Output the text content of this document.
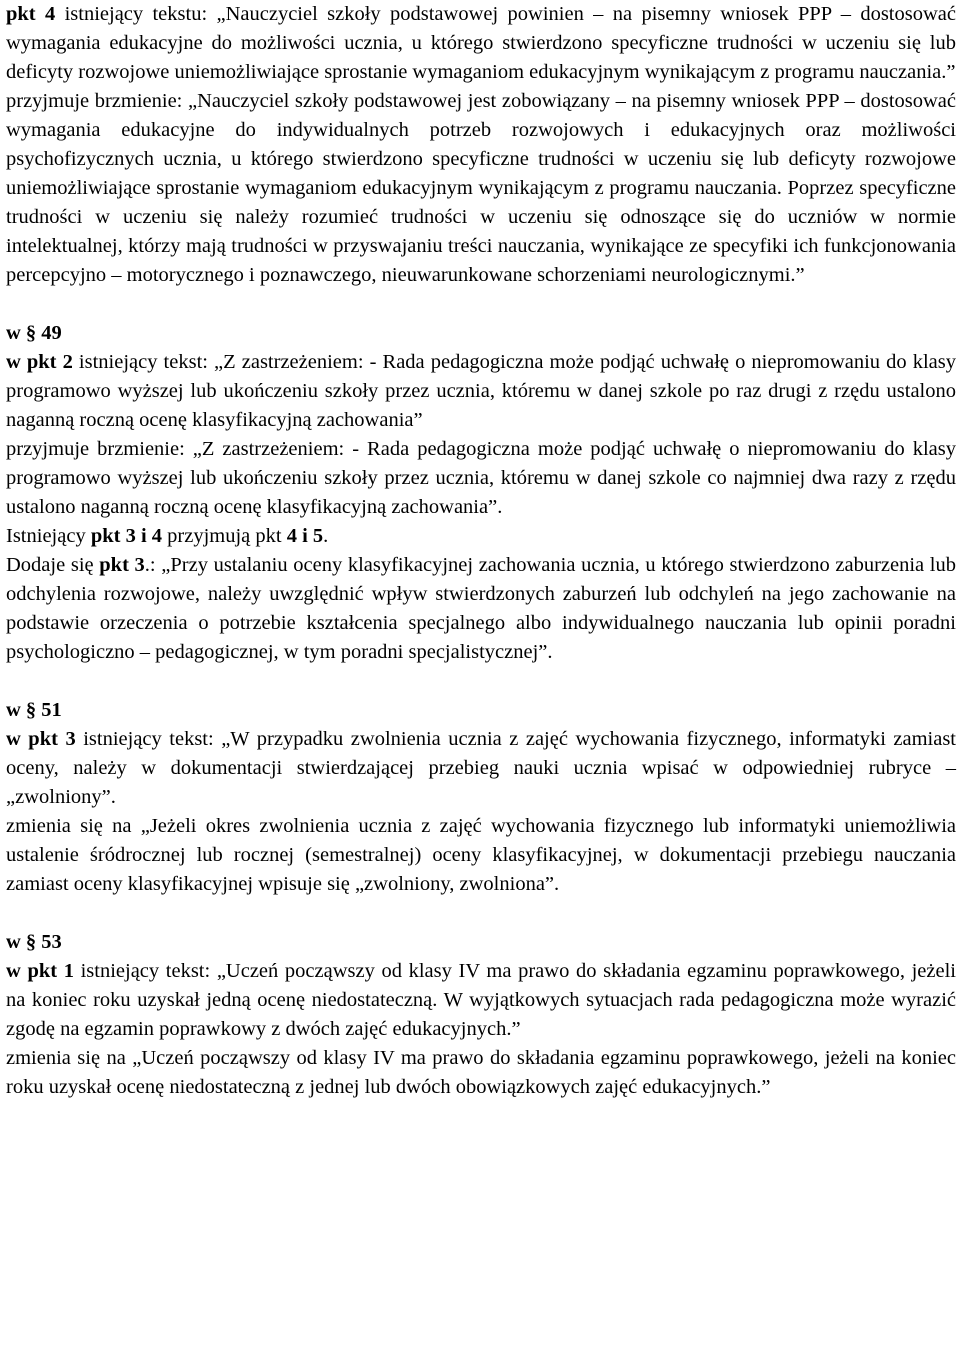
pkt 4 istniejący tekstu: „Nauczyciel szkoły podstawowej powinien – na pisemny wniosek PPP – dostosować wymagania edukacyjne do możliwości ucznia, u którego stwierdzono specyficzne trudności w uczeniu się lub deficyty rozwojowe uniemożliwiające sprostanie wymaganiom edukacyjnym wynikającym z programu nauczania.”

przyjmuje brzmienie: „Nauczyciel szkoły podstawowej jest zobowiązany – na pisemny wniosek PPP – dostosować wymagania edukacyjne do indywidualnych potrzeb rozwojowych i edukacyjnych oraz możliwości psychofizycznych ucznia, u którego stwierdzono specyficzne trudności w uczeniu się lub deficyty rozwojowe uniemożliwiające sprostanie wymaganiom edukacyjnym wynikającym z programu nauczania. Poprzez specyficzne trudności w uczeniu się należy rozumieć trudności w uczeniu się odnoszące się do uczniów w normie intelektualnej, którzy mają trudności w przyswajaniu treści nauczania, wynikające ze specyfiki ich funkcjonowania percepcyjno – motorycznego i poznawczego, nieuwarunkowane schorzeniami neurologicznymi.”

w § 49

w pkt 2 istniejący tekst: „Z zastrzeżeniem: - Rada pedagogiczna może podjąć uchwałę o niepromowaniu do klasy programowo wyższej lub ukończeniu szkoły przez ucznia, któremu w danej szkole po raz drugi z rzędu ustalono naganną roczną ocenę klasyfikacyjną zachowania”

przyjmuje brzmienie: „Z zastrzeżeniem: - Rada pedagogiczna może podjąć uchwałę o niepromowaniu do klasy programowo wyższej lub ukończeniu szkoły przez ucznia, któremu w danej szkole co najmniej dwa razy z rzędu ustalono naganną roczną ocenę klasyfikacyjną zachowania”.

Istniejący pkt 3 i 4 przyjmują pkt 4 i 5.

Dodaje się pkt 3.: „Przy ustalaniu oceny klasyfikacyjnej zachowania ucznia, u którego stwierdzono zaburzenia lub odchylenia rozwojowe, należy uwzględnić wpływ stwierdzonych zaburzeń lub odchyleń na jego zachowanie na podstawie orzeczenia o potrzebie kształcenia specjalnego albo indywidualnego nauczania lub opinii poradni psychologiczno – pedagogicznej, w tym poradni specjalistycznej”.

w § 51

w pkt 3 istniejący tekst: „W przypadku zwolnienia ucznia z zajęć wychowania fizycznego, informatyki zamiast oceny, należy w dokumentacji stwierdzającej przebieg nauki ucznia wpisać w odpowiedniej rubryce – „zwolniony”.

zmienia się na „Jeżeli okres zwolnienia ucznia z zajęć wychowania fizycznego lub informatyki uniemożliwia ustalenie śródrocznej lub rocznej (semestralnej) oceny klasyfikacyjnej, w dokumentacji przebiegu nauczania zamiast oceny klasyfikacyjnej wpisuje się „zwolniony, zwolniona”.

w § 53

w pkt 1 istniejący tekst: „Uczeń począwszy od klasy IV ma prawo do składania egzaminu poprawkowego, jeżeli na koniec roku uzyskał jedną ocenę niedostateczną. W wyjątkowych sytuacjach rada pedagogiczna może wyrazić zgodę na egzamin poprawkowy z dwóch zajęć edukacyjnych.”

zmienia się na „Uczeń począwszy od klasy IV ma prawo do składania egzaminu poprawkowego, jeżeli na koniec roku uzyskał ocenę niedostateczną z jednej lub dwóch obowiązkowych zajęć edukacyjnych.”
